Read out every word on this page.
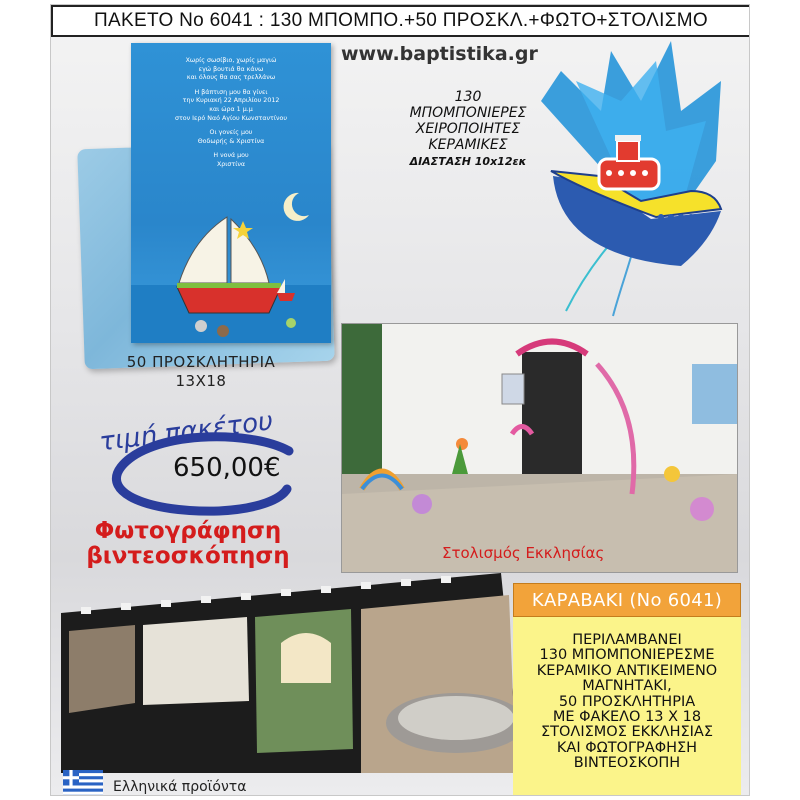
ΠΑΚΕΤΟ Νο 6041 : 130 ΜΠΟΜΠΟ.+50 ΠΡΟΣΚΛ.+ΦΩΤΟ+ΣΤΟΛΙΣΜΟ
www.baptistika.gr

Χωρίς σωσίβιο, χωρίς μαγιώ
εγώ βουτιά θα κάνω
και όλους θα σας τρελλάνω

Η βάπτιση μου θα γίνει
την Κυριακή 22 Απριλίου 2012
και ώρα 1 μ.μ
στον Ιερό Ναό Αγίου Κωνσταντίνου

Οι γονείς μου
Θοδωρής & Χριστίνα

Η νονά μου
Χριστίνα

50 ΠΡΟΣΚΛΗΤΗΡΙΑ
13Χ18
130
ΜΠΟΜΠΟΝΙΕΡΕΣ
ΧΕΙΡΟΠΟΙΗΤΕΣ
ΚΕΡΑΜΙΚΕΣ
ΔΙΑΣΤΑΣΗ 10x12εκ
τιμή πακέτου
650,00€
Φωτογράφηση
βιντεοσκόπηση	Στολισμός Εκκλησίας
ΚΑΡΑΒΑΚΙ (Νο 6041)
ΠΕΡΙΛΑΜΒΑΝΕΙ
130 ΜΠΟΜΠΟΝΙΕΡΕΣΜΕ
ΚΕΡΑΜΙΚΟ ΑΝΤΙΚΕΙΜΕΝΟ
ΜΑΓΝΗΤΑΚΙ,
50 ΠΡΟΣΚΛΗΤΗΡΙΑ
ΜΕ ΦΑΚΕΛΟ 13 Χ 18
ΣΤΟΛΙΣΜΟΣ ΕΚΚΛΗΣΙΑΣ
ΚΑΙ ΦΩΤΟΓΡΑΦΗΣΗ
ΒΙΝΤΕΟΣΚΟΠΗ
Ελληνικά προϊόντα
